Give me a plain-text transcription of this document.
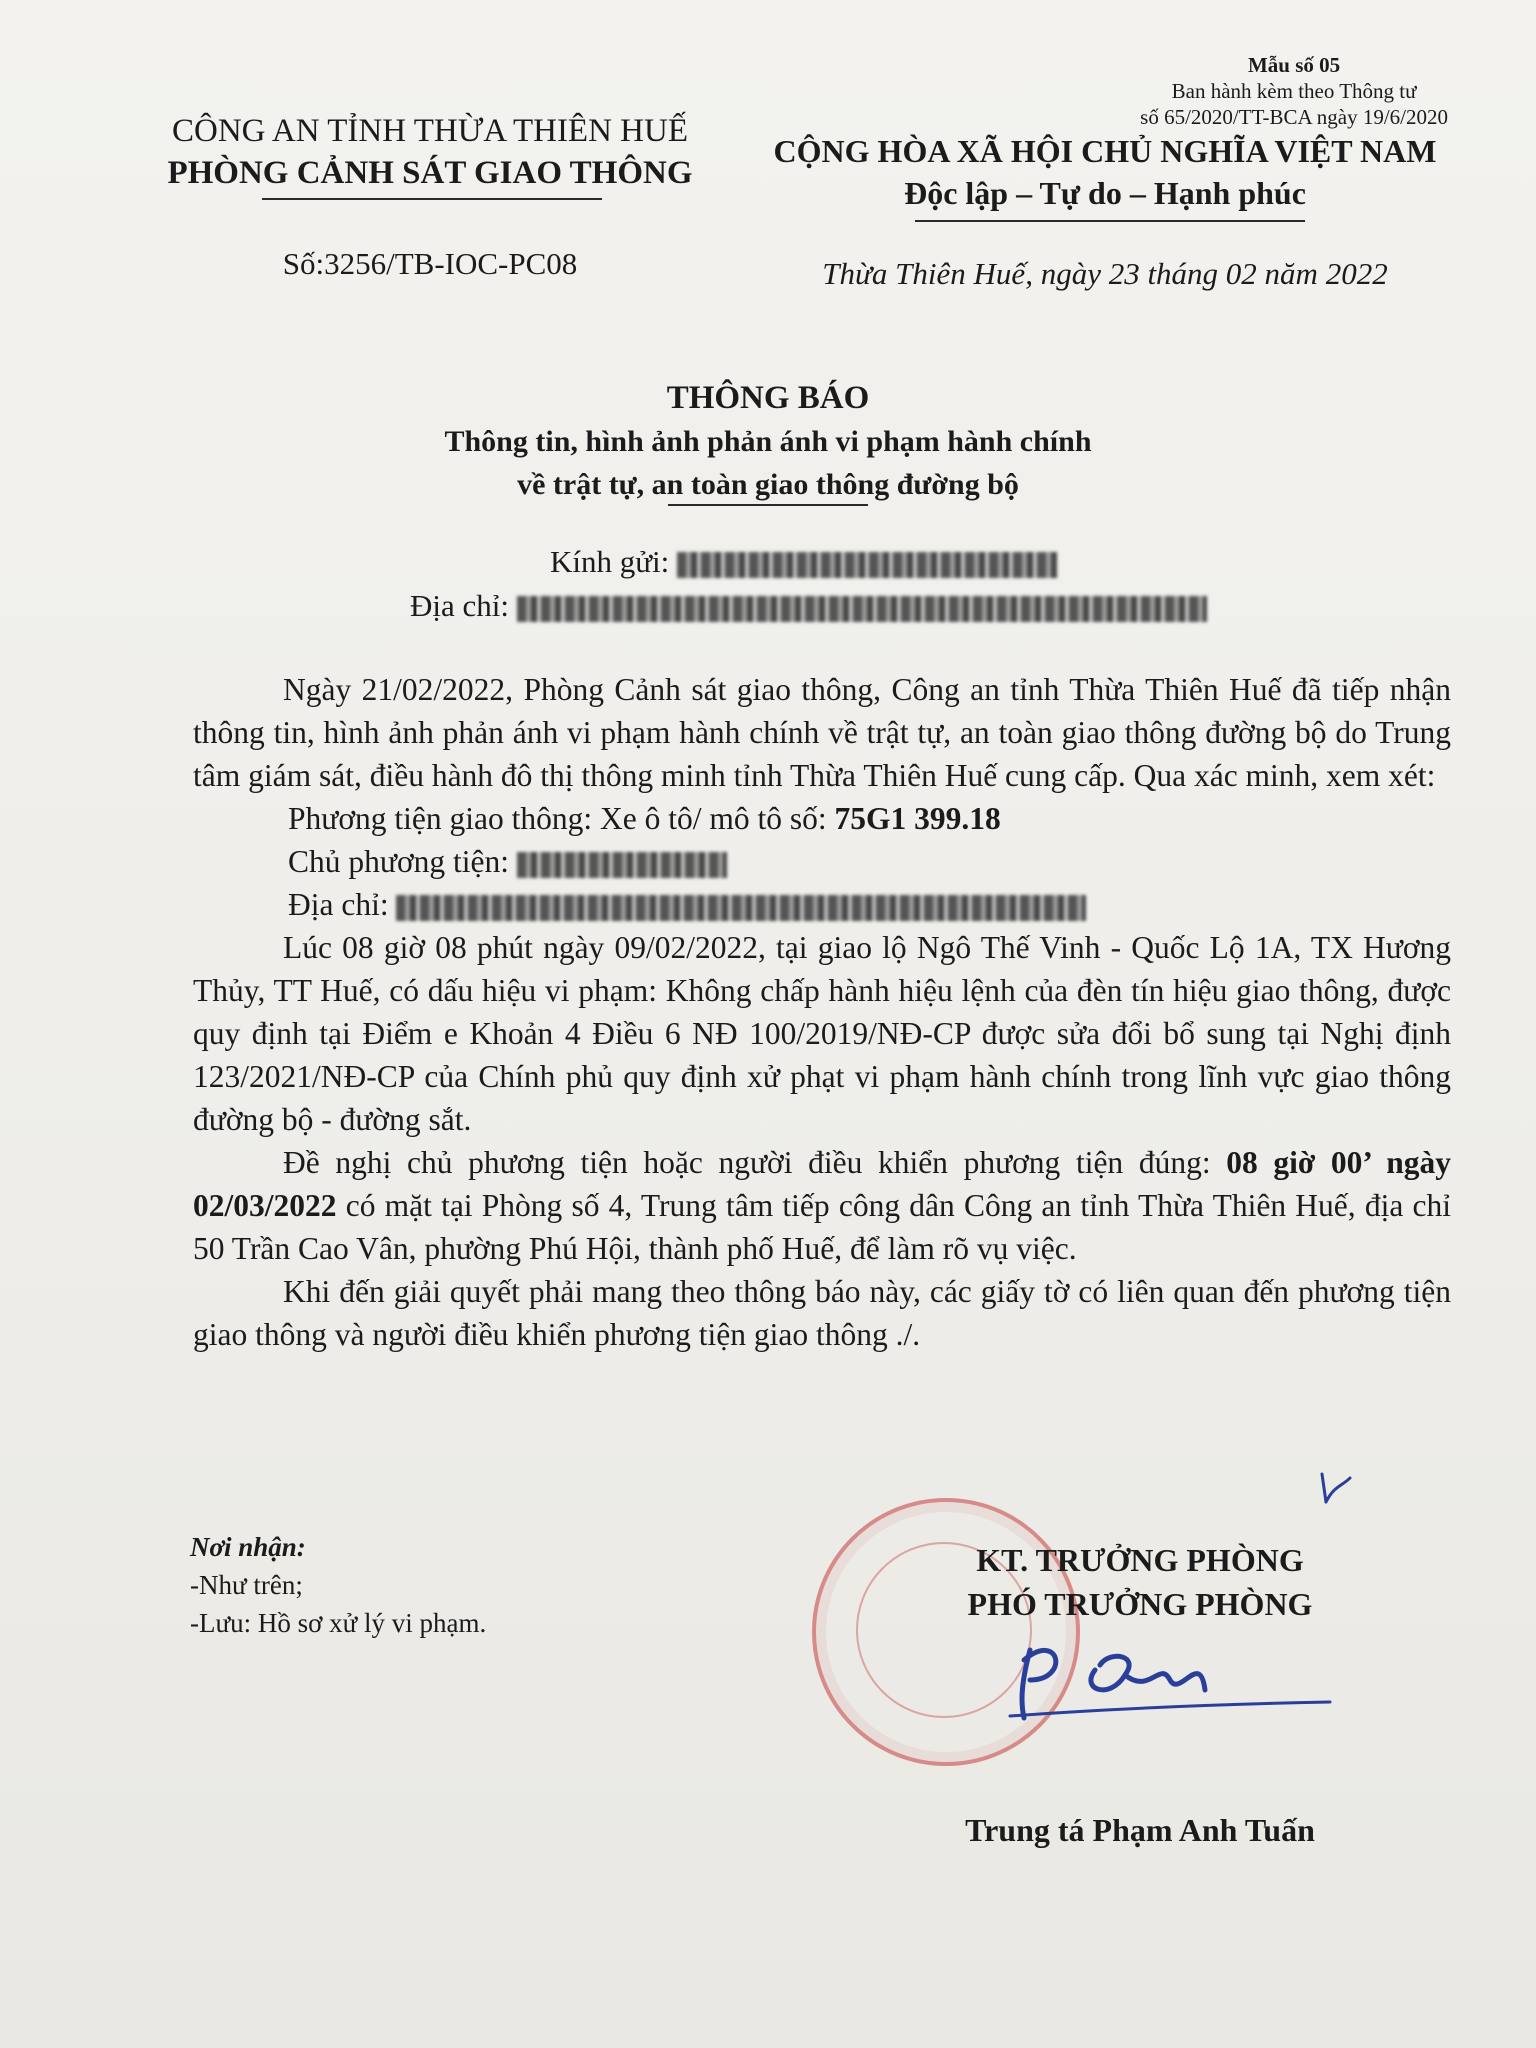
Mẫu số 05
Ban hành kèm theo Thông tư
số 65/2020/TT-BCA ngày 19/6/2020
CÔNG AN TỈNH THỪA THIÊN HUẾ
PHÒNG CẢNH SÁT GIAO THÔNG
CỘNG HÒA XÃ HỘI CHỦ NGHĨA VIỆT NAM
Độc lập – Tự do – Hạnh phúc
Số:3256/TB-IOC-PC08	Thừa Thiên Huế, ngày 23 tháng 02 năm 2022
THÔNG BÁO
Thông tin, hình ảnh phản ánh vi phạm hành chính
về trật tự, an toàn giao thông đường bộ
Kính gửi:
Địa chỉ:

Ngày 21/02/2022, Phòng Cảnh sát giao thông, Công an tỉnh Thừa Thiên Huế đã tiếp nhận thông tin, hình ảnh phản ánh vi phạm hành chính về trật tự, an toàn giao thông đường bộ do Trung tâm giám sát, điều hành đô thị thông minh tỉnh Thừa Thiên Huế cung cấp. Qua xác minh, xem xét:

Phương tiện giao thông: Xe ô tô/ mô tô số: 75G1 399.18

Chủ phương tiện:

Địa chỉ:

Lúc 08 giờ 08 phút ngày 09/02/2022, tại giao lộ Ngô Thế Vinh - Quốc Lộ 1A, TX Hương Thủy, TT Huế, có dấu hiệu vi phạm: Không chấp hành hiệu lệnh của đèn tín hiệu giao thông, được quy định tại Điểm e Khoản 4 Điều 6 NĐ 100/2019/NĐ-CP được sửa đổi bổ sung tại Nghị định 123/2021/NĐ-CP của Chính phủ quy định xử phạt vi phạm hành chính trong lĩnh vực giao thông đường bộ - đường sắt.

Đề nghị chủ phương tiện hoặc người điều khiển phương tiện đúng: 08 giờ 00’ ngày 02/03/2022 có mặt tại Phòng số 4, Trung tâm tiếp công dân Công an tỉnh Thừa Thiên Huế, địa chỉ 50 Trần Cao Vân, phường Phú Hội, thành phố Huế, để làm rõ vụ việc.

Khi đến giải quyết phải mang theo thông báo này, các giấy tờ có liên quan đến phương tiện giao thông và người điều khiển phương tiện giao thông ./.

Nơi nhận:
-Như trên;
-Lưu: Hồ sơ xử lý vi phạm.
KT. TRƯỞNG PHÒNG
PHÓ TRƯỞNG PHÒNG
Trung tá Phạm Anh Tuấn
